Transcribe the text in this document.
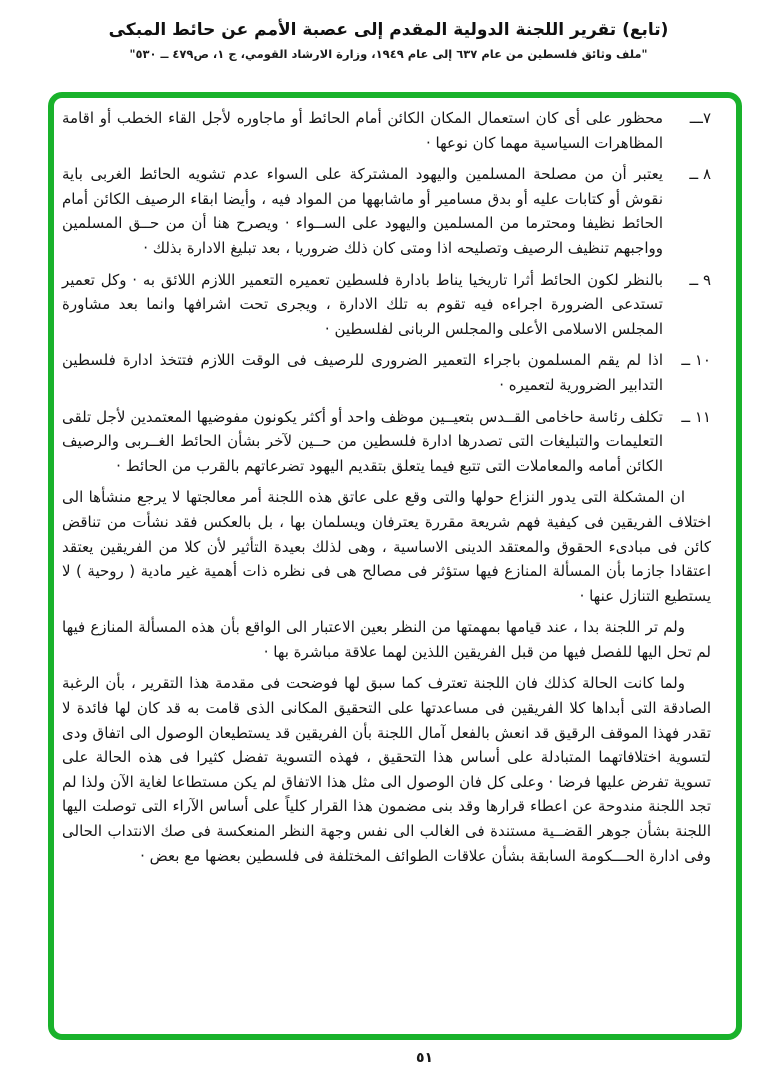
(تابع) تقرير اللجنة الدولية المقدم إلى عصبة الأمم عن حائط المبكى
"ملف وثائق فلسطين من عام ٦٣٧ إلى عام ١٩٤٩، وزارة الارشاد القومي، ج ١، ص٤٧٩ ــ ٥٣٠"
٧ـــ
محظور على أى كان استعمال المكان الكائن أمام الحائط أو ماجاوره لأجل القاء الخطب أو اقامة المظاهرات السياسية مهما كان نوعها ·
٨ ــ
يعتبر أن من مصلحة المسلمين واليهود المشتركة على السواء عدم تشويه الحائط الغربى باية نقوش أو كتابات عليه أو بدق مسامير أو ماشابهها من المواد فيه ، وأيضا ابقاء الرصيف الكائن أمام الحائط نظيفا ومحترما من المسلمين واليهود على الســواء · ويصرح هنا أن من حــق المسلمين وواجبهم تنظيف الرصيف وتصليحه اذا ومتى كان ذلك ضروريا ، بعد تبليغ الادارة بذلك ·
٩ ــ
بالنظر لكون الحائط أثرا تاريخيا يناط بادارة فلسطين تعميره التعمير اللازم اللائق به · وكل تعمير تستدعى الضرورة اجراءه فيه تقوم به تلك الادارة ، ويجرى تحت اشرافها وانما بعد مشاورة المجلس الاسلامى الأعلى والمجلس الربانى لفلسطين ·
١٠ ــ
اذا لم يقم المسلمون باجراء التعمير الضرورى للرصيف فى الوقت اللازم فتتخذ ادارة فلسطين التدابير الضرورية لتعميره ·
١١ ــ
تكلف رئاسة حاخامى القــدس بتعيــين موظف واحد أو أكثر يكونون مفوضيها المعتمدين لأجل تلقى التعليمات والتبليغات التى تصدرها ادارة فلسطين من حــين لآخر بشأن الحائط الغــربى والرصيف الكائن أمامه والمعاملات التى تتبع فيما يتعلق بتقديم اليهود تضرعاتهم بالقرب من الحائط ·

ان المشكلة التى يدور النزاع حولها والتى وقع على عاتق هذه اللجنة أمر معالجتها لا يرجع منشأها الى اختلاف الفريقين فى كيفية فهم شريعة مقررة يعترفان ويسلمان بها ، بل بالعكس فقد نشأت من تناقض كائن فى مبادىء الحقوق والمعتقد الدينى الاساسية ، وهى لذلك بعيدة التأثير لأن كلا من الفريقين يعتقد اعتقادا جازما بأن المسألة المنازع فيها ستؤثر فى مصالح هى فى نظره ذات أهمية غير مادية ( روحية ) لا يستطيع التنازل عنها ·

ولم تر اللجنة بدا ، عند قيامها بمهمتها من النظر بعين الاعتبار الى الواقع بأن هذه المسألة المنازع فيها لم تحل اليها للفصل فيها من قبل الفريقين اللذين لهما علاقة مباشرة بها ·

ولما كانت الحالة كذلك فان اللجنة تعترف كما سبق لها فوضحت فى مقدمة هذا التقرير ، بأن الرغبة الصادقة التى أبداها كلا الفريقين فى مساعدتها على التحقيق المكانى الذى قامت به قد كان لها فائدة لا تقدر فهذا الموقف الرقيق قد انعش بالفعل آمال اللجنة بأن الفريقين قد يستطيعان الوصول الى اتفاق ودى لتسوية اختلافاتهما المتبادلة على أساس هذا التحقيق ، فهذه التسوية تفضل كثيرا فى هذه الحالة على تسوية تفرض عليها فرضا · وعلى كل فان الوصول الى مثل هذا الاتفاق لم يكن مستطاعا لغاية الآن ولذا لم تجد اللجنة مندوحة عن اعطاء قرارها وقد بنى مضمون هذا القرار كلياً على أساس الآراء التى توصلت اليها اللجنة بشأن جوهر القضــية مستندة فى الغالب الى نفس وجهة النظر المنعكسة فى صك الانتداب الحالى وفى ادارة الحـــكومة السابقة بشأن علاقات الطوائف المختلفة فى فلسطين بعضها مع بعض ·

٥١
